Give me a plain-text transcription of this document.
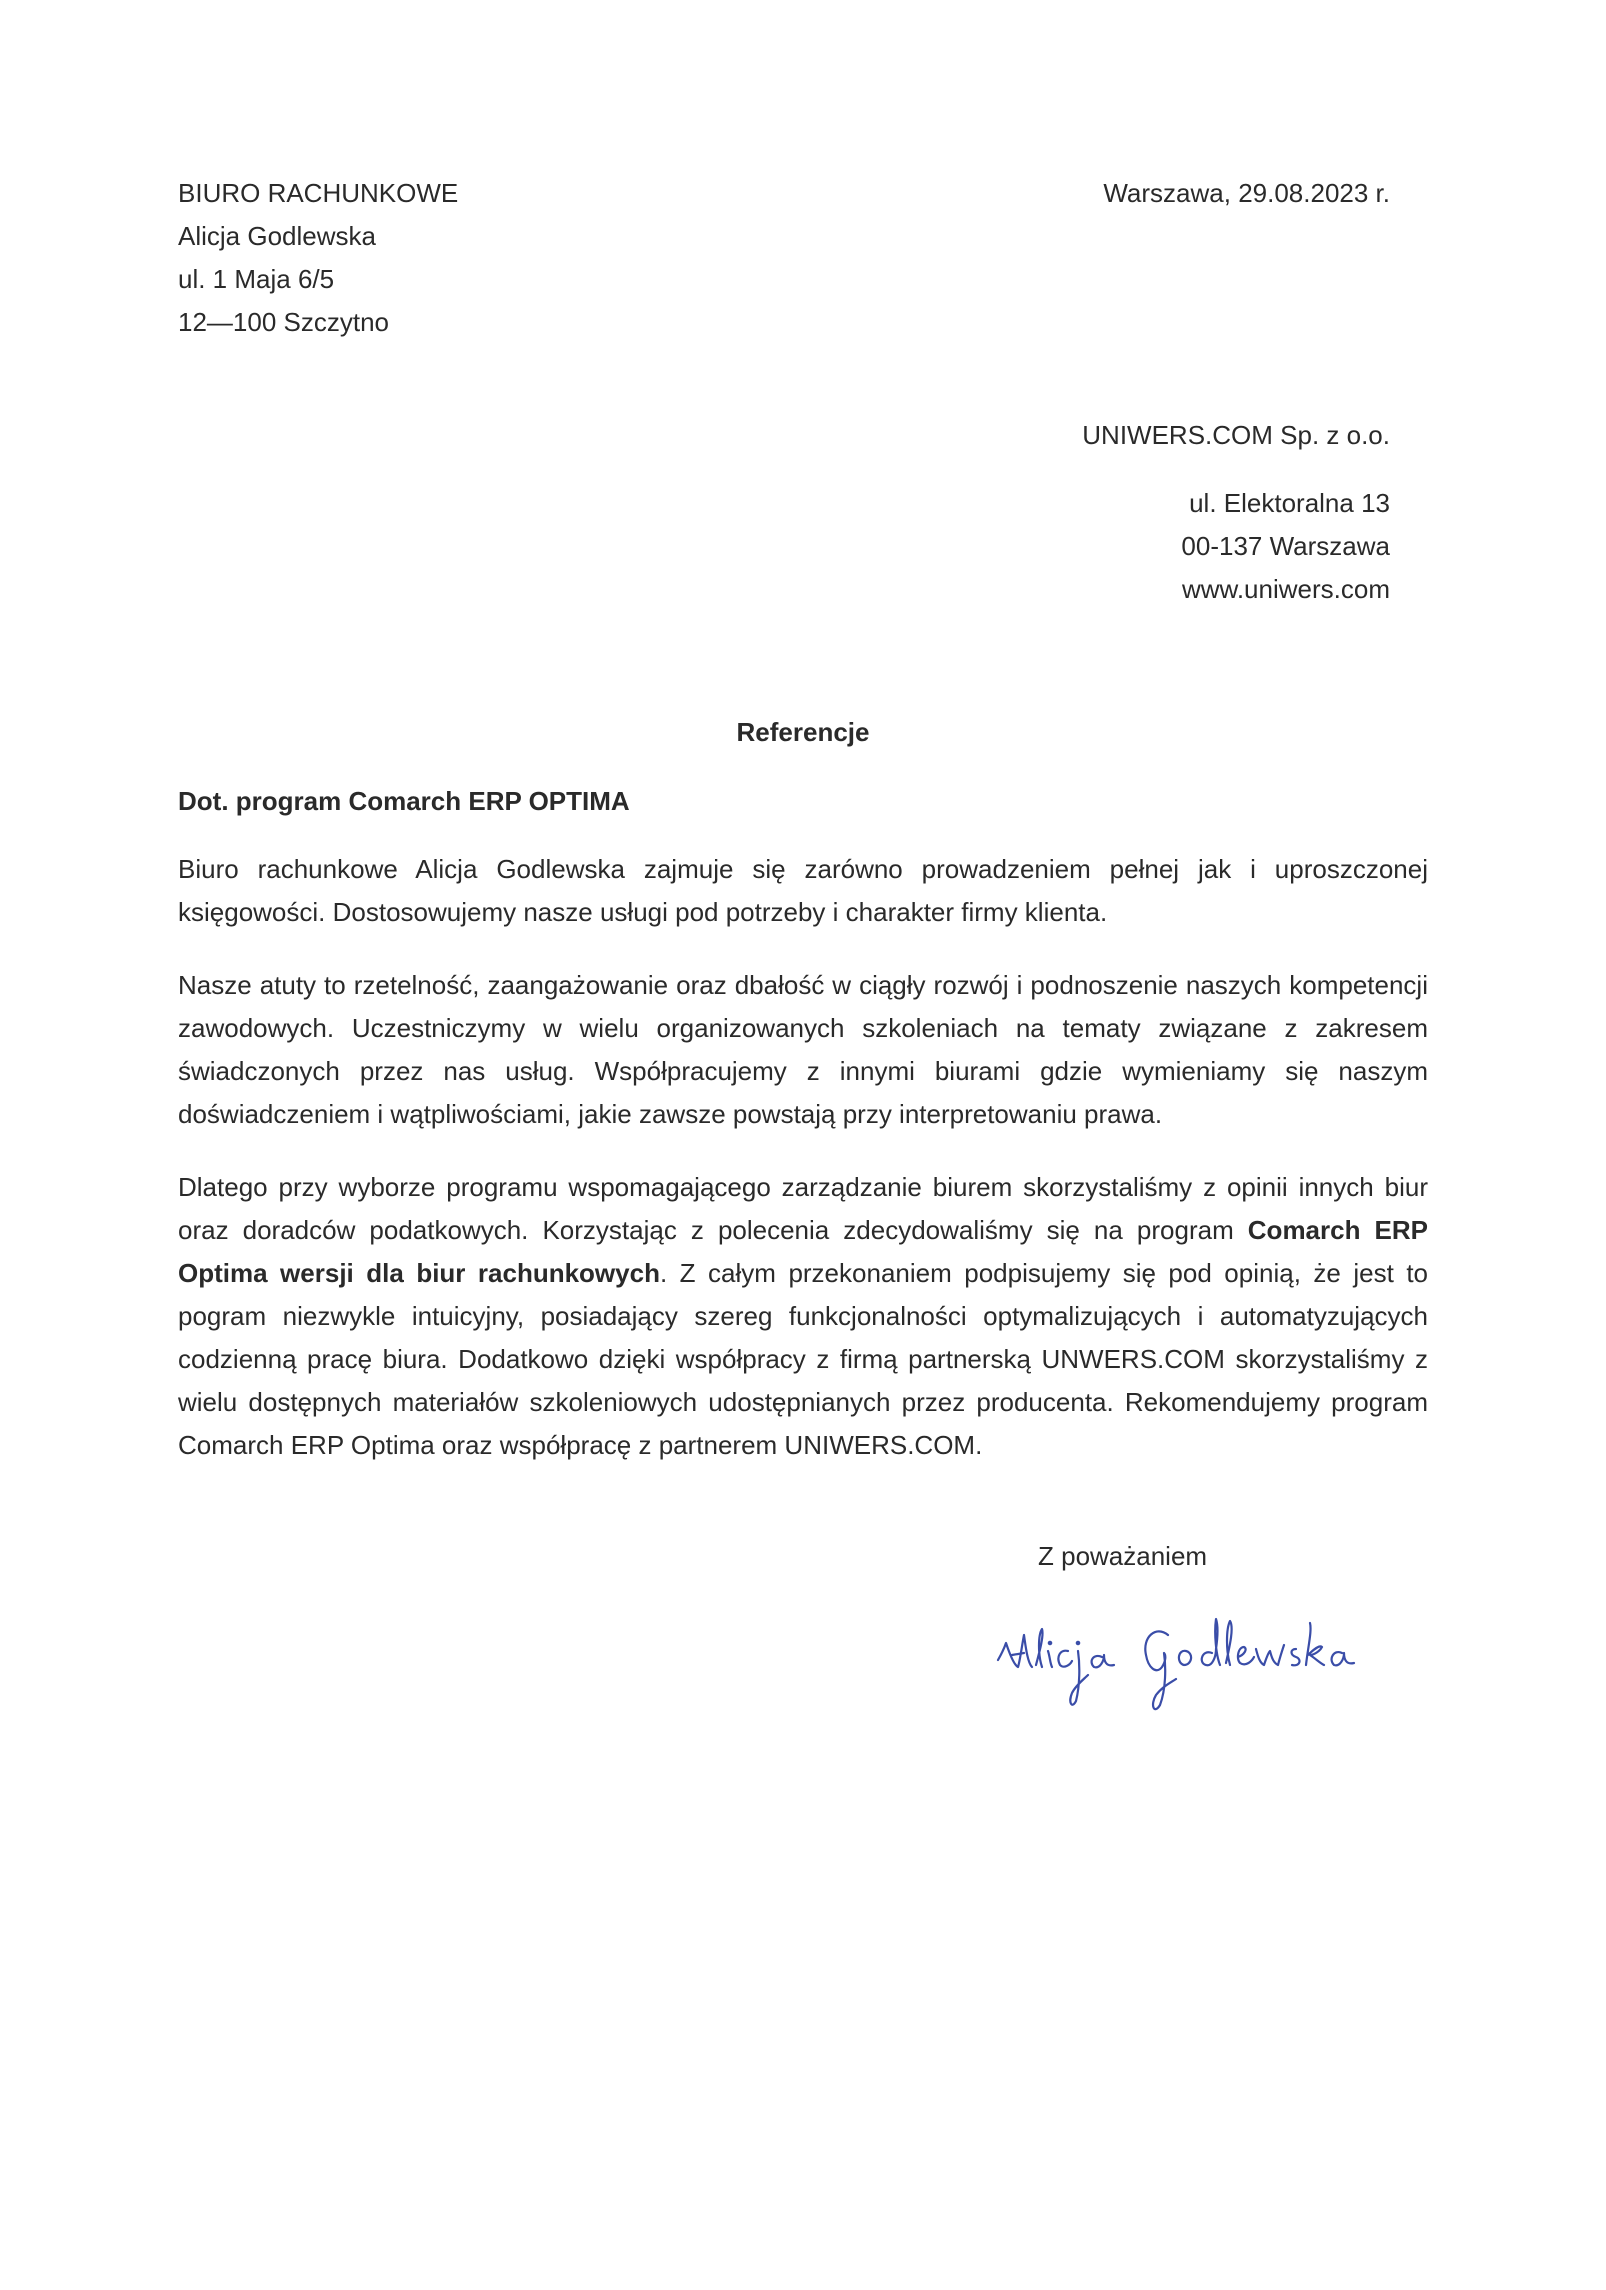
BIURO RACHUNKOWE
Alicja Godlewska
ul. 1 Maja 6/5
12—100 Szczytno
Warszawa, 29.08.2023 r.
UNIWERS.COM Sp. z o.o.
ul. Elektoralna 13
00-137 Warszawa
www.uniwers.com
Referencje
Dot. program Comarch ERP OPTIMA

Biuro rachunkowe Alicja Godlewska zajmuje się zarówno prowadzeniem pełnej jak i uproszczonej księgowości. Dostosowujemy nasze usługi pod potrzeby i charakter firmy klienta.

Nasze atuty to rzetelność, zaangażowanie oraz dbałość w ciągły rozwój i podnoszenie naszych kompetencji zawodowych. Uczestniczymy w wielu organizowanych szkoleniach na tematy związane z zakresem świadczonych przez nas usług. Współpracujemy z innymi biurami gdzie wymieniamy się naszym doświadczeniem i wątpliwościami, jakie zawsze powstają przy interpretowaniu prawa.

Dlatego przy wyborze programu wspomagającego zarządzanie biurem skorzystaliśmy z opinii innych biur oraz doradców podatkowych. Korzystając z polecenia zdecydowaliśmy się na program Comarch ERP Optima wersji dla biur rachunkowych. Z całym przekonaniem podpisujemy się pod opinią, że jest to pogram niezwykle intuicyjny, posiadający szereg funkcjonalności optymalizujących i automatyzujących codzienną pracę biura. Dodatkowo dzięki współpracy z firmą partnerską UNWERS.COM skorzystaliśmy z wielu dostępnych materiałów szkoleniowych udostępnianych przez producenta. Rekomendujemy program Comarch ERP Optima oraz współpracę z partnerem UNIWERS.COM.

Z poważaniem
